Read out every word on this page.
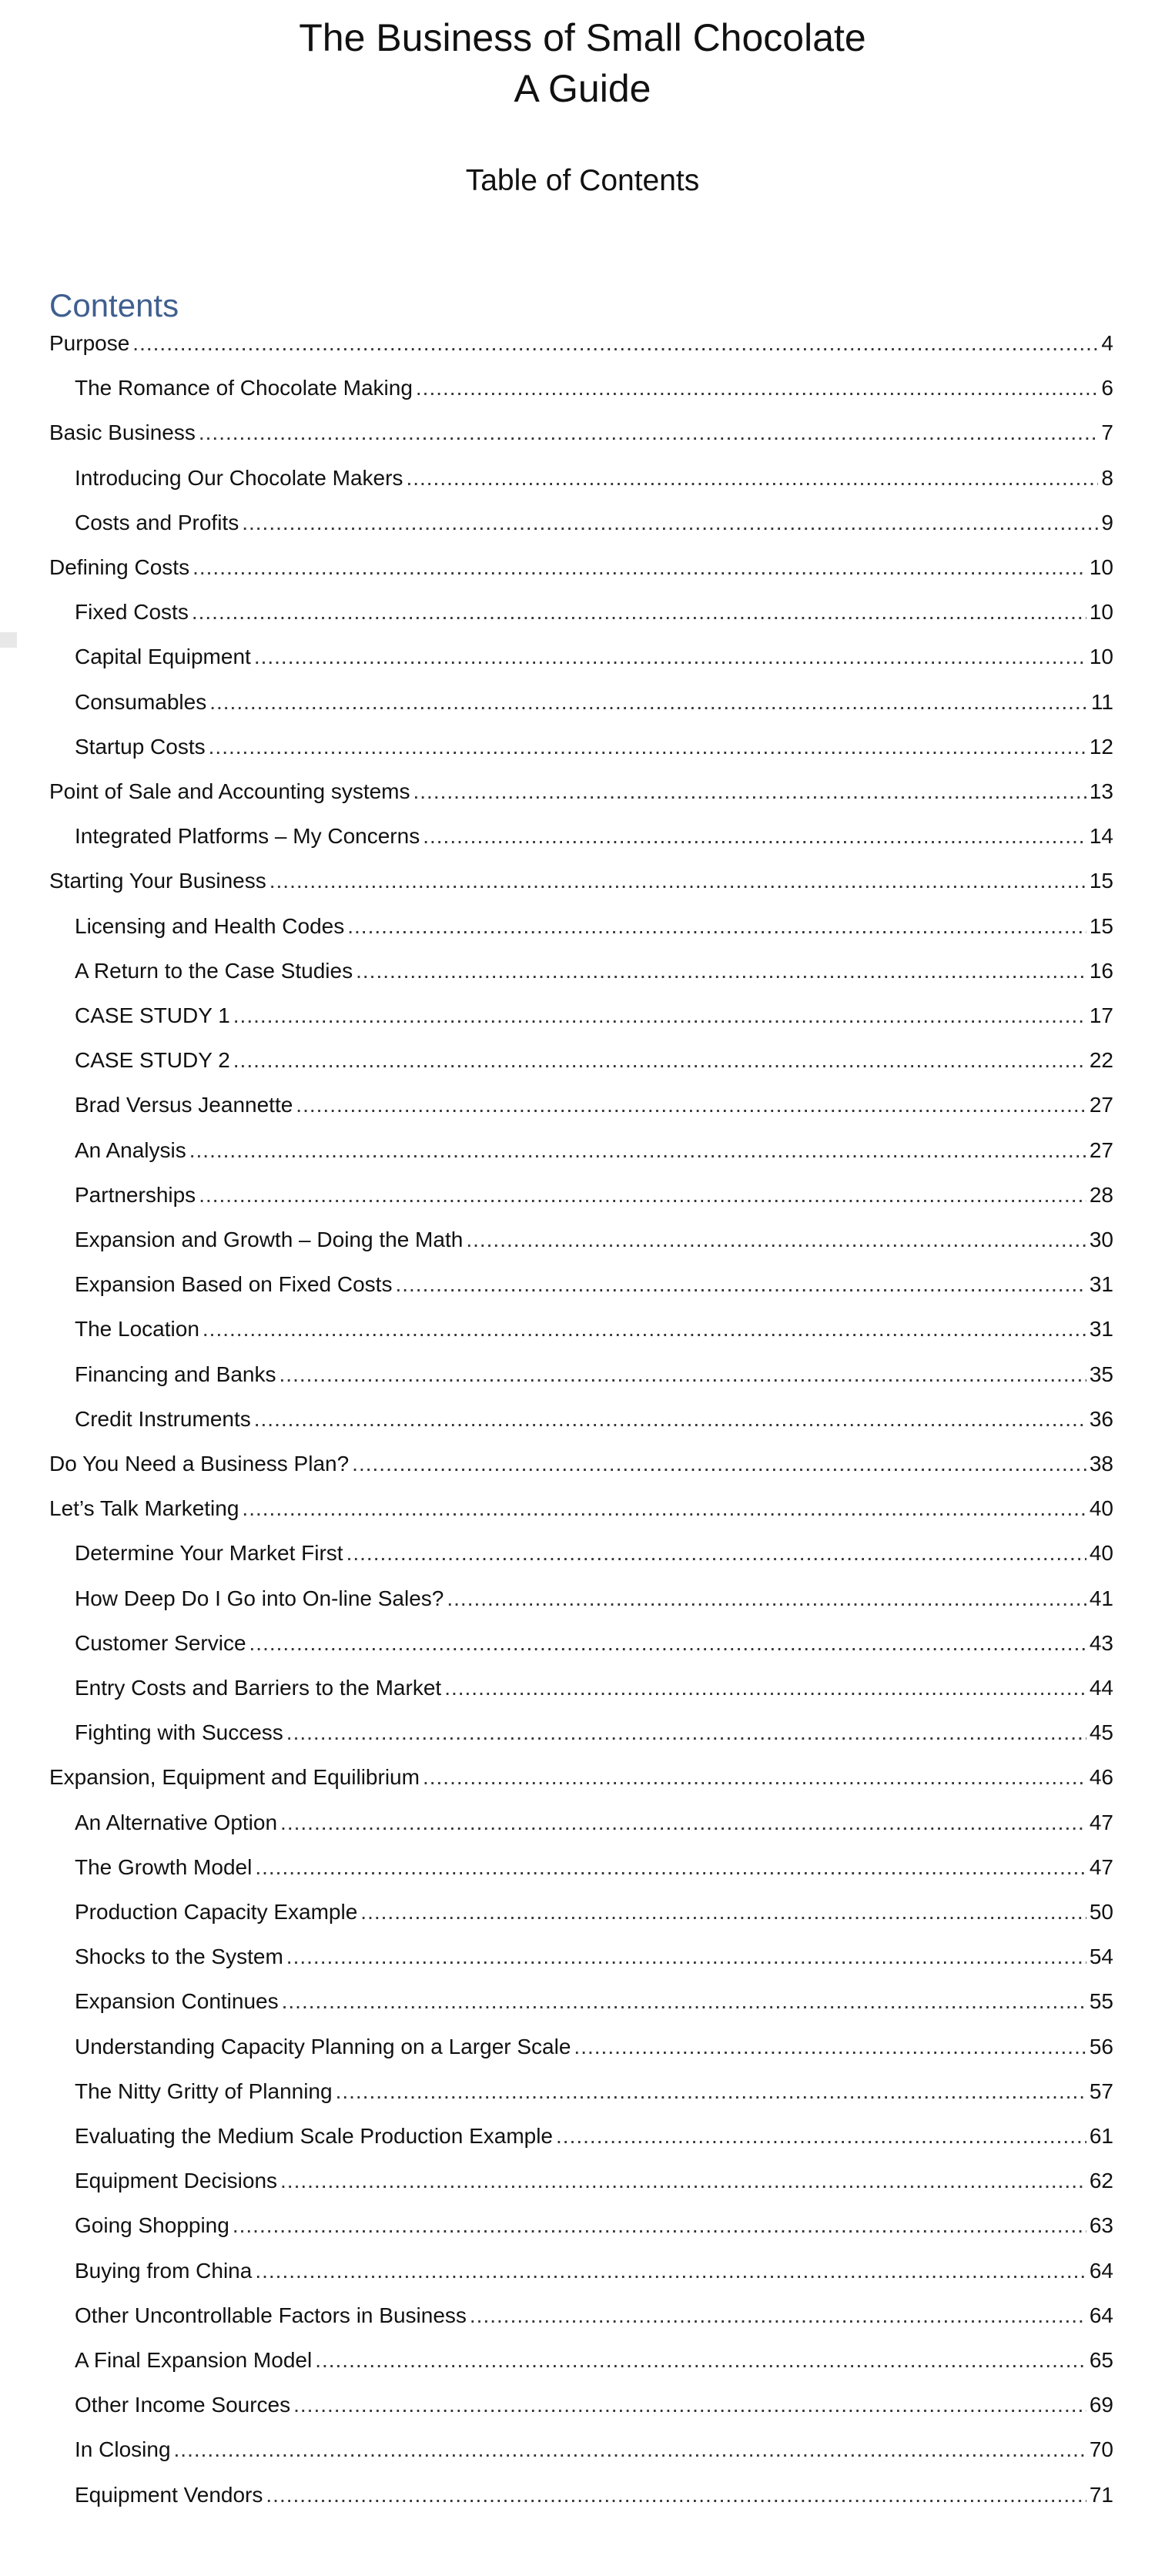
The Business of Small Chocolate
A Guide
Table of Contents
Contents
Purpose .....	4
The Romance of Chocolate Making .....	6
Basic Business .....	7
Introducing Our Chocolate Makers .....	8
Costs and Profits .....	9
Defining Costs .....	10
Fixed Costs .....	10
Capital Equipment .....	10
Consumables .....	11
Startup Costs .....	12
Point of Sale and Accounting systems .....	13
Integrated Platforms – My Concerns .....	14
Starting Your Business .....	15
Licensing and Health Codes .....	15
A Return to the Case Studies .....	16
CASE STUDY 1 .....	17
CASE STUDY 2 .....	22
Brad Versus Jeannette .....	27
An Analysis .....	27
Partnerships .....	28
Expansion and Growth – Doing the Math .....	30
Expansion Based on Fixed Costs .....	31
The Location .....	31
Financing and Banks .....	35
Credit Instruments .....	36
Do You Need a Business Plan? .....	38
Let’s Talk Marketing .....	40
Determine Your Market First .....	40
How Deep Do I Go into On-line Sales? .....	41
Customer Service .....	43
Entry Costs and Barriers to the Market .....	44
Fighting with Success .....	45
Expansion, Equipment and Equilibrium .....	46
An Alternative Option .....	47
The Growth Model .....	47
Production Capacity Example .....	50
Shocks to the System .....	54
Expansion Continues .....	55
Understanding Capacity Planning on a Larger Scale .....	56
The Nitty Gritty of Planning .....	57
Evaluating the Medium Scale Production Example .....	61
Equipment Decisions .....	62
Going Shopping .....	63
Buying from China .....	64
Other Uncontrollable Factors in Business .....	64
A Final Expansion Model .....	65
Other Income Sources .....	69
In Closing .....	70
Equipment Vendors .....	71
